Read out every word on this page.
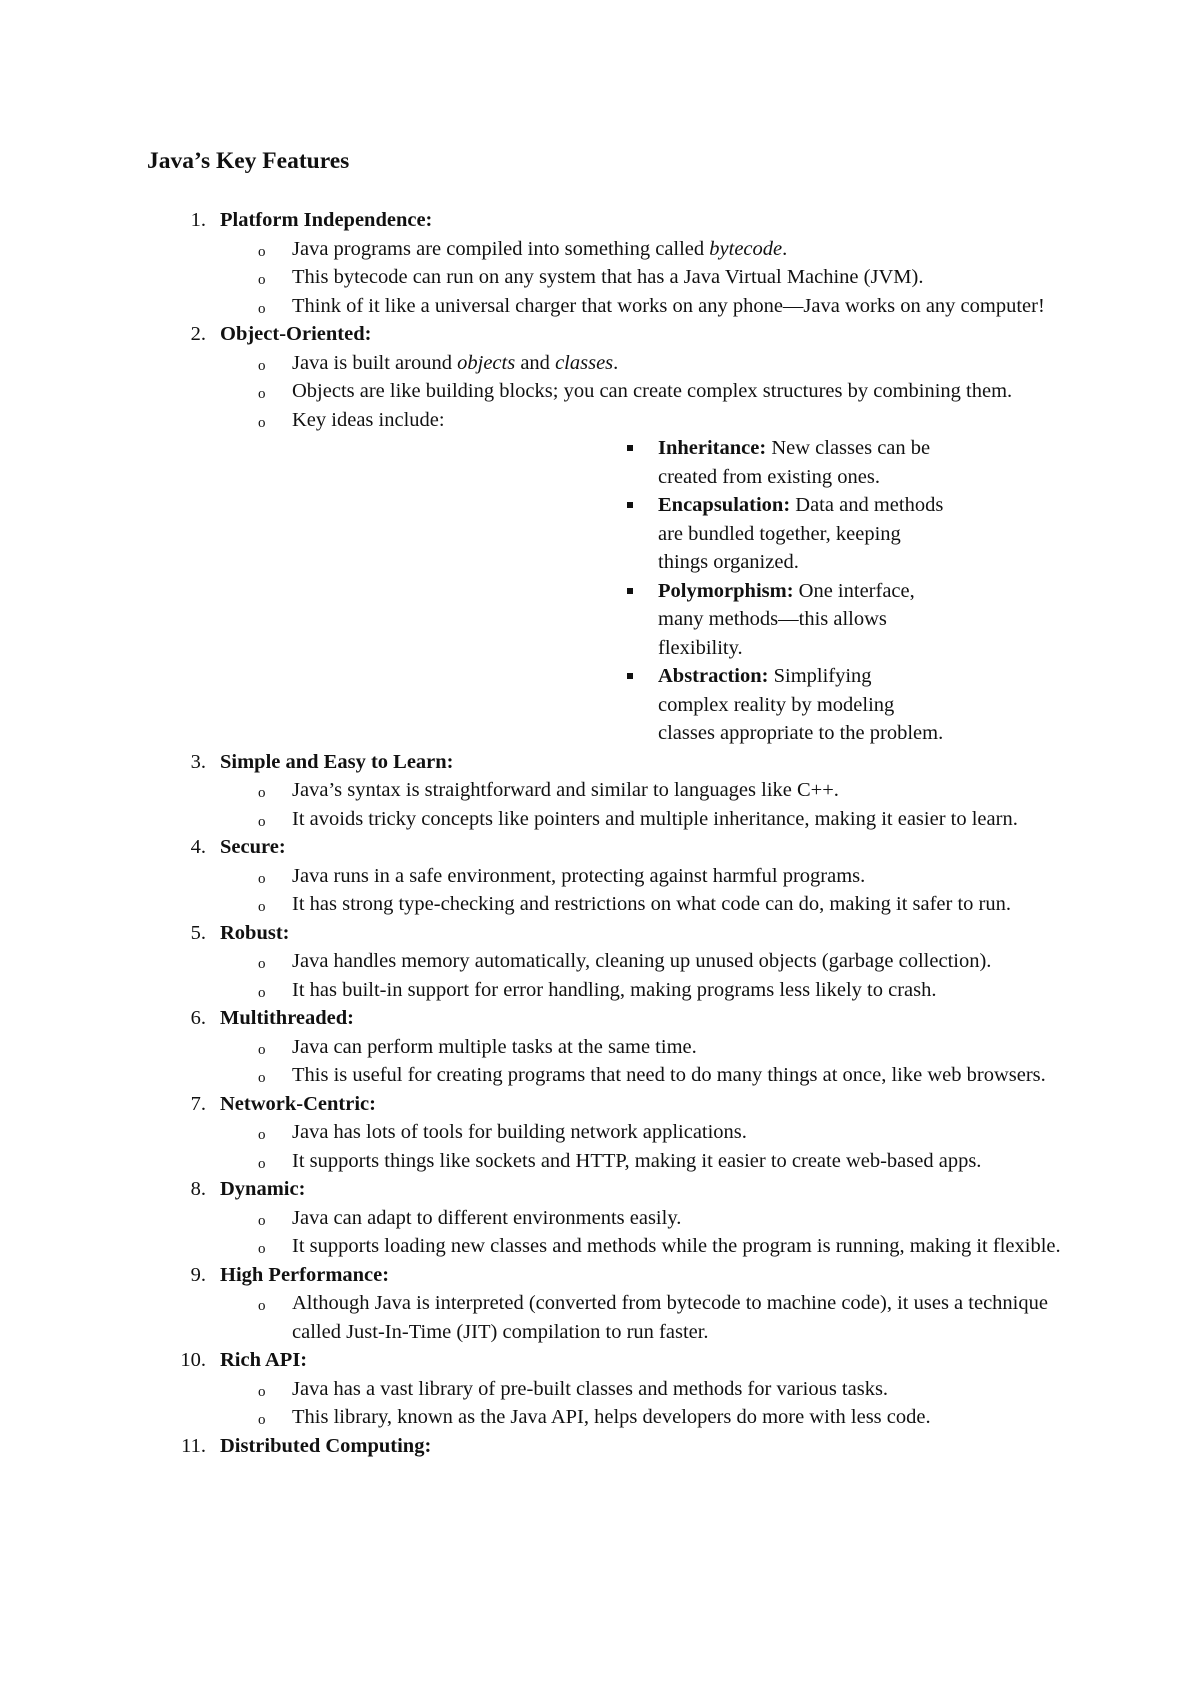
Java’s Key Features
1. Platform Independence:
o Java programs are compiled into something called bytecode.
o This bytecode can run on any system that has a Java Virtual Machine (JVM).
o Think of it like a universal charger that works on any phone—Java works on any computer!
2. Object-Oriented:
o Java is built around objects and classes.
o Objects are like building blocks; you can create complex structures by combining them.
o Key ideas include:
Inheritance: New classes can be created from existing ones.
Encapsulation: Data and methods are bundled together, keeping things organized.
Polymorphism: One interface, many methods—this allows flexibility.
Abstraction: Simplifying complex reality by modeling classes appropriate to the problem.
3. Simple and Easy to Learn:
o Java’s syntax is straightforward and similar to languages like C++.
o It avoids tricky concepts like pointers and multiple inheritance, making it easier to learn.
4. Secure:
o Java runs in a safe environment, protecting against harmful programs.
o It has strong type-checking and restrictions on what code can do, making it safer to run.
5. Robust:
o Java handles memory automatically, cleaning up unused objects (garbage collection).
o It has built-in support for error handling, making programs less likely to crash.
6. Multithreaded:
o Java can perform multiple tasks at the same time.
o This is useful for creating programs that need to do many things at once, like web browsers.
7. Network-Centric:
o Java has lots of tools for building network applications.
o It supports things like sockets and HTTP, making it easier to create web-based apps.
8. Dynamic:
o Java can adapt to different environments easily.
o It supports loading new classes and methods while the program is running, making it flexible.
9. High Performance:
o Although Java is interpreted (converted from bytecode to machine code), it uses a technique called Just-In-Time (JIT) compilation to run faster.
10. Rich API:
o Java has a vast library of pre-built classes and methods for various tasks.
o This library, known as the Java API, helps developers do more with less code.
11. Distributed Computing:
